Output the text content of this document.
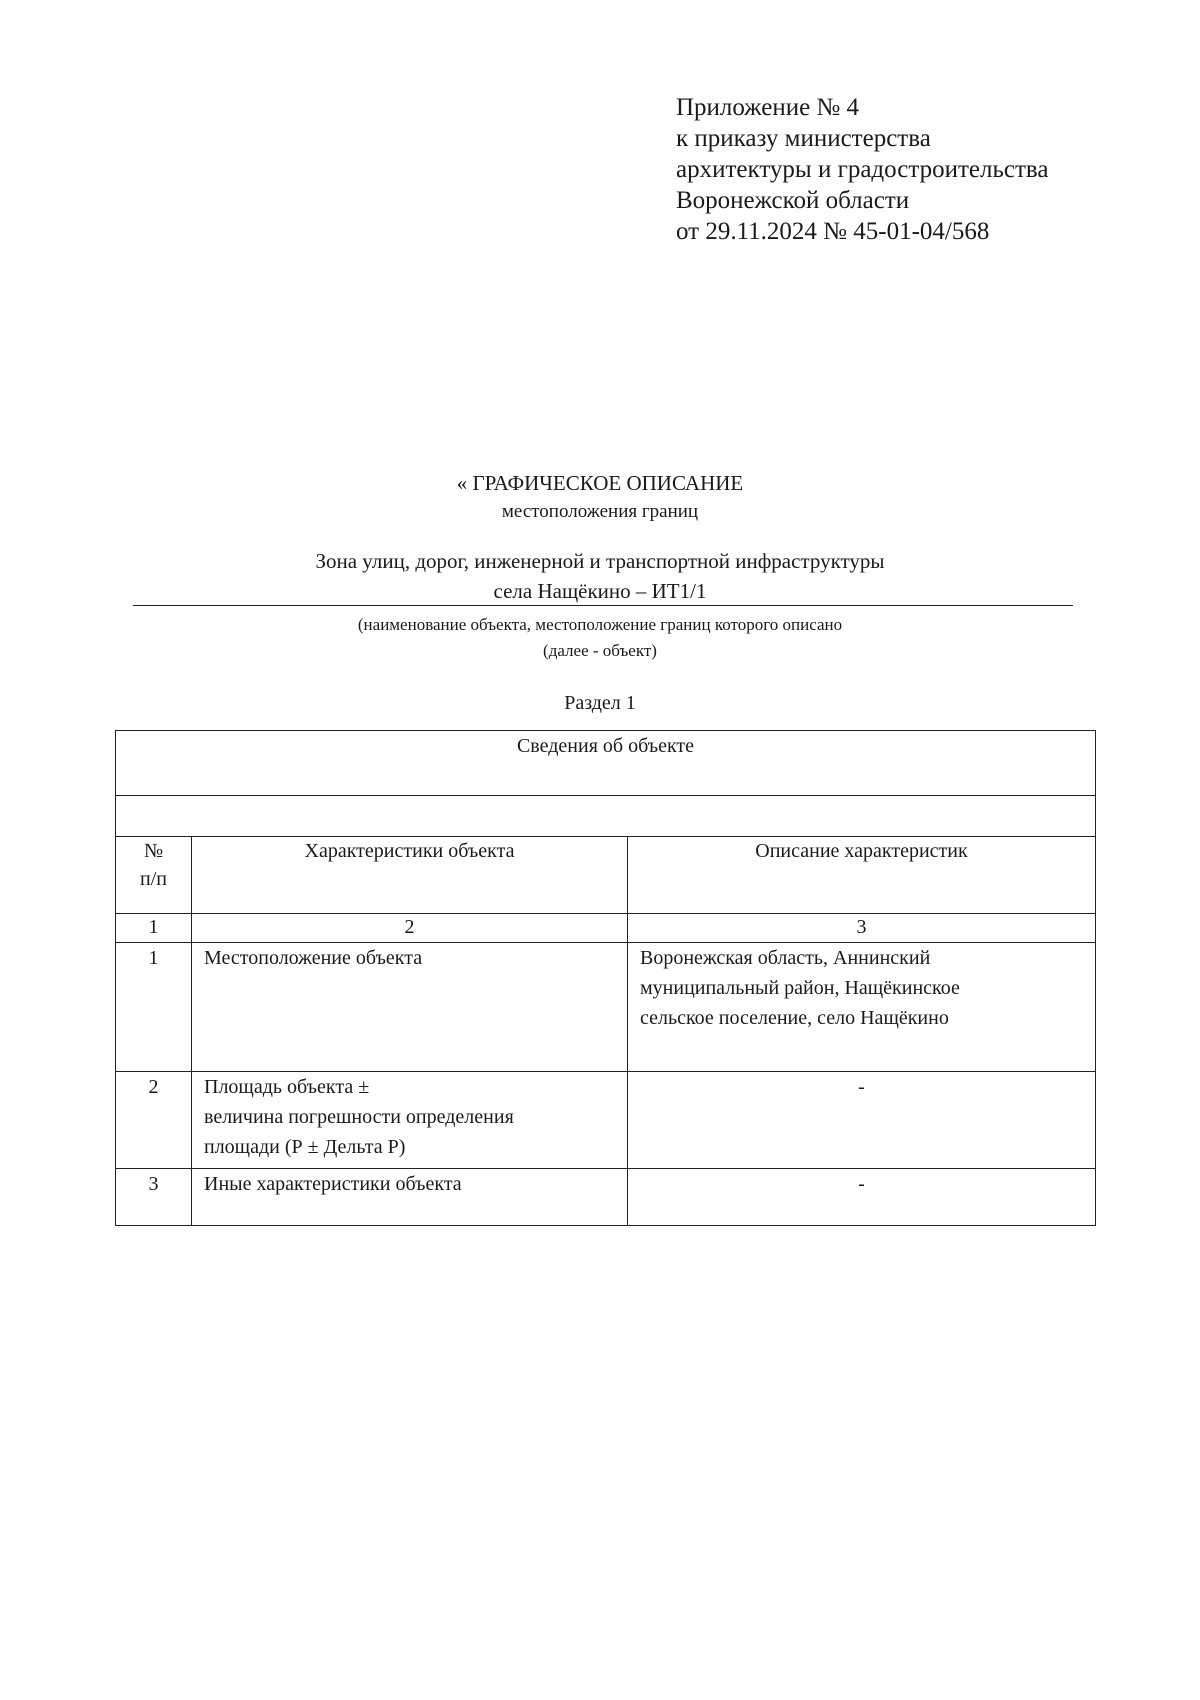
Приложение № 4
к приказу министерства
архитектуры и градостроительства
Воронежской области
от 29.11.2024 № 45-01-04/568
« ГРАФИЧЕСКОЕ ОПИСАНИЕ
местоположения границ
Зона улиц, дорог, инженерной и транспортной инфраструктуры
села Нащёкино – ИТ1/1
(наименование объекта, местоположение границ которого описано
(далее - объект)
Раздел 1
Сведения об объекте		

№
п/п	Характеристики объекта	Описание характеристик
1	2	3
1	Местоположение объекта	Воронежская область, Аннинский
муниципальный район, Нащёкинское
сельское поселение, село Нащёкино
2	Площадь объекта ±
величина погрешности определения
площади (Р ± Дельта Р)	-
3	Иные характеристики объекта	-
